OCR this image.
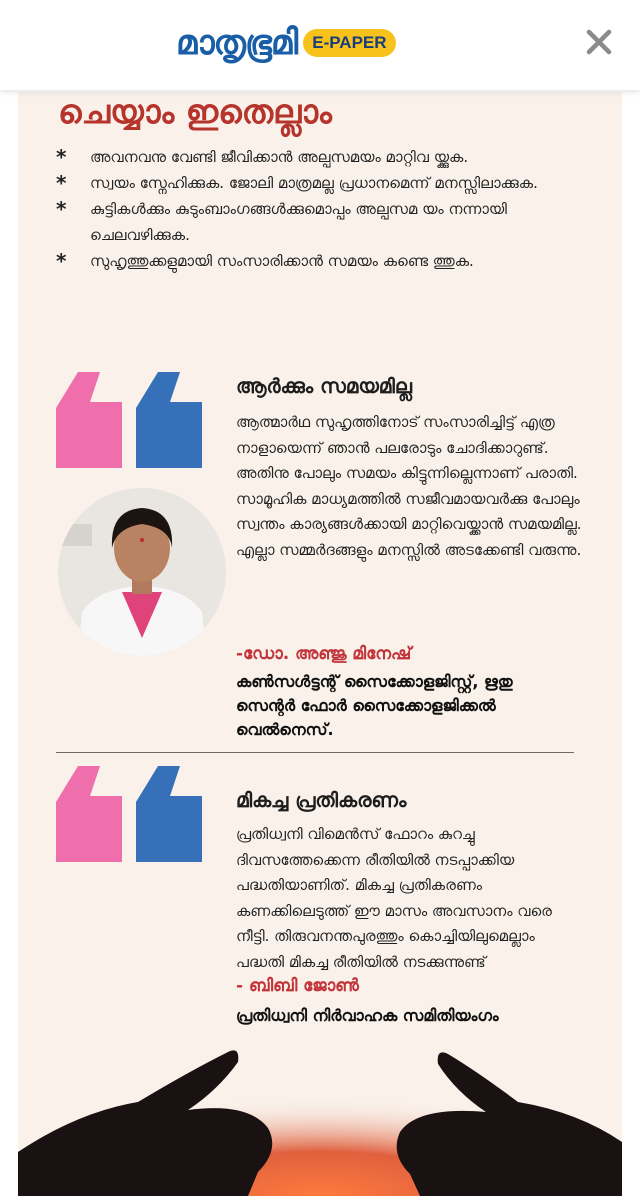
മാതൃഭൂമി E-PAPER
ചെയ്യാം ഇതെല്ലാം
* അവനവനു വേണ്ടി ജീവിക്കാൻ അല്പസമയം മാറ്റിവ യ്ക്കുക.
* സ്വയം സ്നേഹിക്കുക. ജോലി മാത്രമല്ല പ്രധാനമെന്ന് മനസ്സിലാക്കുക.
* കുട്ടികൾക്കും കുടുംബാംഗങ്ങൾക്കുമൊപ്പം അല്പസമ യം നന്നായി ചെലവഴിക്കുക.
* സുഹൃത്തുക്കളുമായി സംസാരിക്കാൻ സമയം കണ്ടെ ത്തുക.
ആർക്കും സമയമില്ല
ആത്മാർഥ സുഹൃത്തിനോട് സംസാരിച്ചിട്ട് എത്ര നാളായെന്ന് ഞാൻ പലരോടും ചോദിക്കാറുണ്ട്. അതിനു പോലും സമയം കിട്ടുന്നില്ലെന്നാണ് പരാതി. സാമൂഹിക മാധ്യമത്തിൽ സജീവമായവർക്കു പോലും സ്വന്തം കാര്യങ്ങൾക്കായി മാറ്റിവെയ്ക്കാൻ സമയമില്ല. എല്ലാ സമ്മർദങ്ങളും മനസ്സിൽ അടക്കേണ്ടി വരുന്നു.
-ഡോ. അഞ്ജു മിനേഷ്
കൺസൾട്ടന്റ് സൈക്കോളജിസ്റ്റ്, ഋതു സെന്റർ ഫോർ സൈക്കോളജിക്കൽ വെൽനെസ്.
മികച്ച പ്രതികരണം
പ്രതിധ്വനി വിമെൻസ് ഫോറം കുറച്ചു ദിവസത്തേക്കെന്ന രീതിയിൽ നടപ്പാക്കിയ പദ്ധതിയാണിത്. മികച്ച പ്രതികരണം കണക്കിലെടുത്ത് ഈ മാസം അവസാനം വരെ നീട്ടി. തിരുവനന്തപുരത്തും കൊച്ചിയിലുമെല്ലാം പദ്ധതി മികച്ച രീതിയിൽ നടക്കുന്നുണ്ട്
- ബിബി ജോൺ
പ്രതിധ്വനി നിർവാഹക സമിതിയംഗം
